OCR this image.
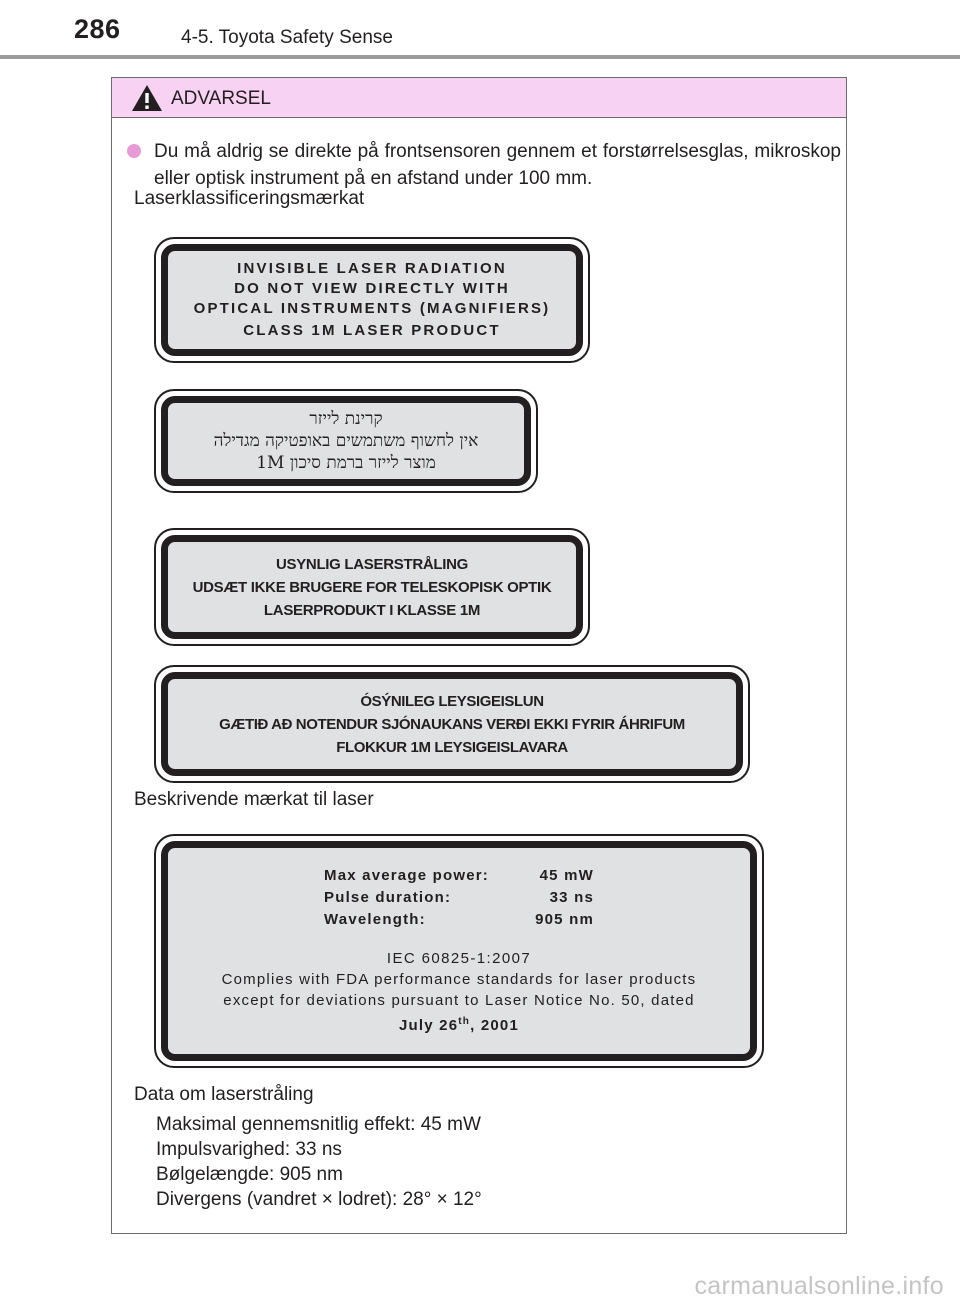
286	4-5. Toyota Safety Sense
ADVARSEL
Du må aldrig se direkte på frontsensoren gennem et forstørrelsesglas, mikroskop eller optisk instrument på en afstand under 100 mm.
Laserklassificeringsmærkat
INVISIBLE LASER RADIATION
DO NOT VIEW DIRECTLY WITH
OPTICAL INSTRUMENTS (MAGNIFIERS)
CLASS 1M LASER PRODUCT
קרינת לייזר
אין לחשוף משתמשים באופטיקה מגדילה
מוצר לייזר ברמת סיכון 1M
USYNLIG LASERSTRÅLING
UDSÆT IKKE BRUGERE FOR TELESKOPISK OPTIK
LASERPRODUKT I KLASSE 1M
ÓSÝNILEG LEYSIGEISLUN
GÆTIÐ AÐ NOTENDUR SJÓNAUKANS VERÐI EKKI FYRIR ÁHRIFUM
FLOKKUR 1M LEYSIGEISLAVARA
Beskrivende mærkat til laser
Max average power:	45 mW
Pulse duration:	33 ns
Wavelength:	905 nm
IEC 60825-1:2007
Complies with FDA performance standards for laser products
except for deviations pursuant to Laser Notice No. 50, dated
July 26th, 2001
Data om laserstråling
Maksimal gennemsnitlig effekt: 45 mW
Impulsvarighed: 33 ns
Bølgelængde: 905 nm
Divergens (vandret × lodret): 28° × 12°
carmanualsonline.info
